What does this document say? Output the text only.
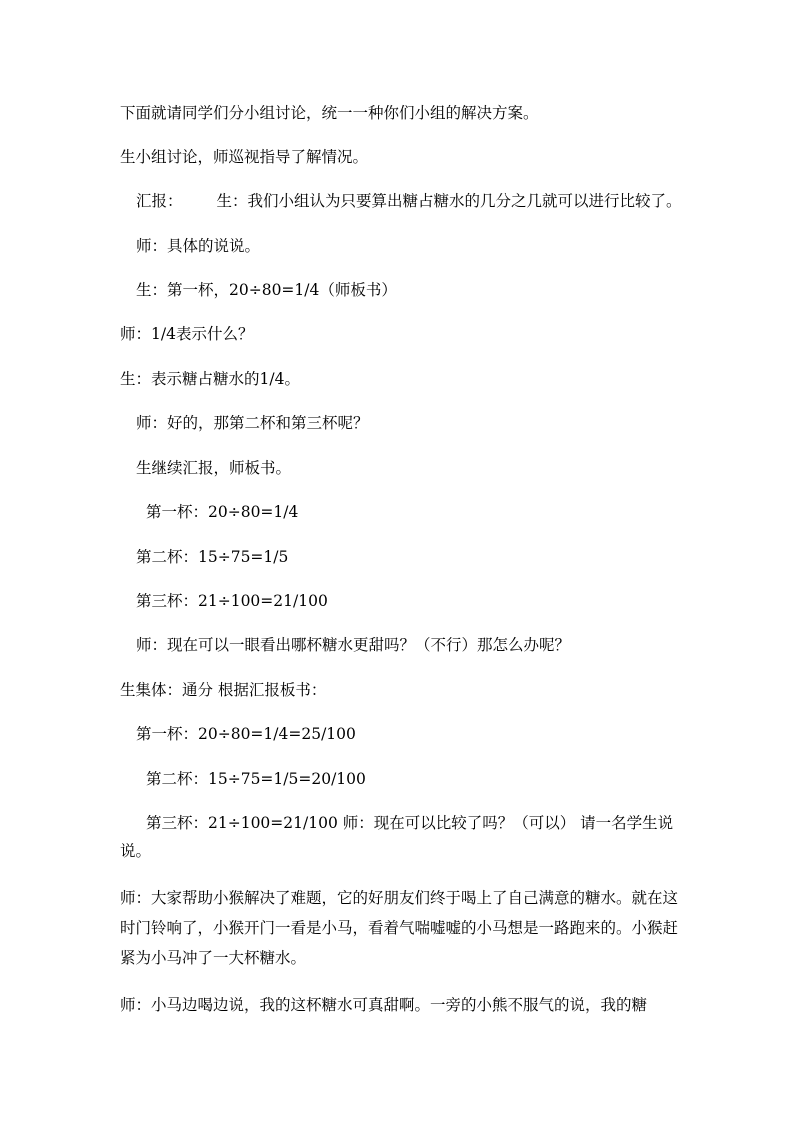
下面就请同学们分小组讨论，统一一种你们小组的解决方案。
生小组讨论，师巡视指导了解情况。
汇报： 生：我们小组认为只要算出糖占糖水的几分之几就可以进行比较了。
师：具体的说说。
生：第一杯，20÷80=1/4（师板书）
师：1/4表示什么？
生：表示糖占糖水的1/4。
师：好的，那第二杯和第三杯呢？
生继续汇报，师板书。
第一杯：20÷80=1/4
第二杯：15÷75=1/5
第三杯：21÷100=21/100
师：现在可以一眼看出哪杯糖水更甜吗？（不行）那怎么办呢？
生集体：通分 根据汇报板书：
第一杯：20÷80=1/4=25/100
第二杯：15÷75=1/5=20/100
第三杯：21÷100=21/100 师：现在可以比较了吗？（可以） 请一名学生说说。
师：大家帮助小猴解决了难题，它的好朋友们终于喝上了自己满意的糖水。就在这时门铃响了，小猴开门一看是小马，看着气喘嘘嘘的小马想是一路跑来的。小猴赶紧为小马冲了一大杯糖水。
师：小马边喝边说，我的这杯糖水可真甜啊。一旁的小熊不服气的说，我的糖
